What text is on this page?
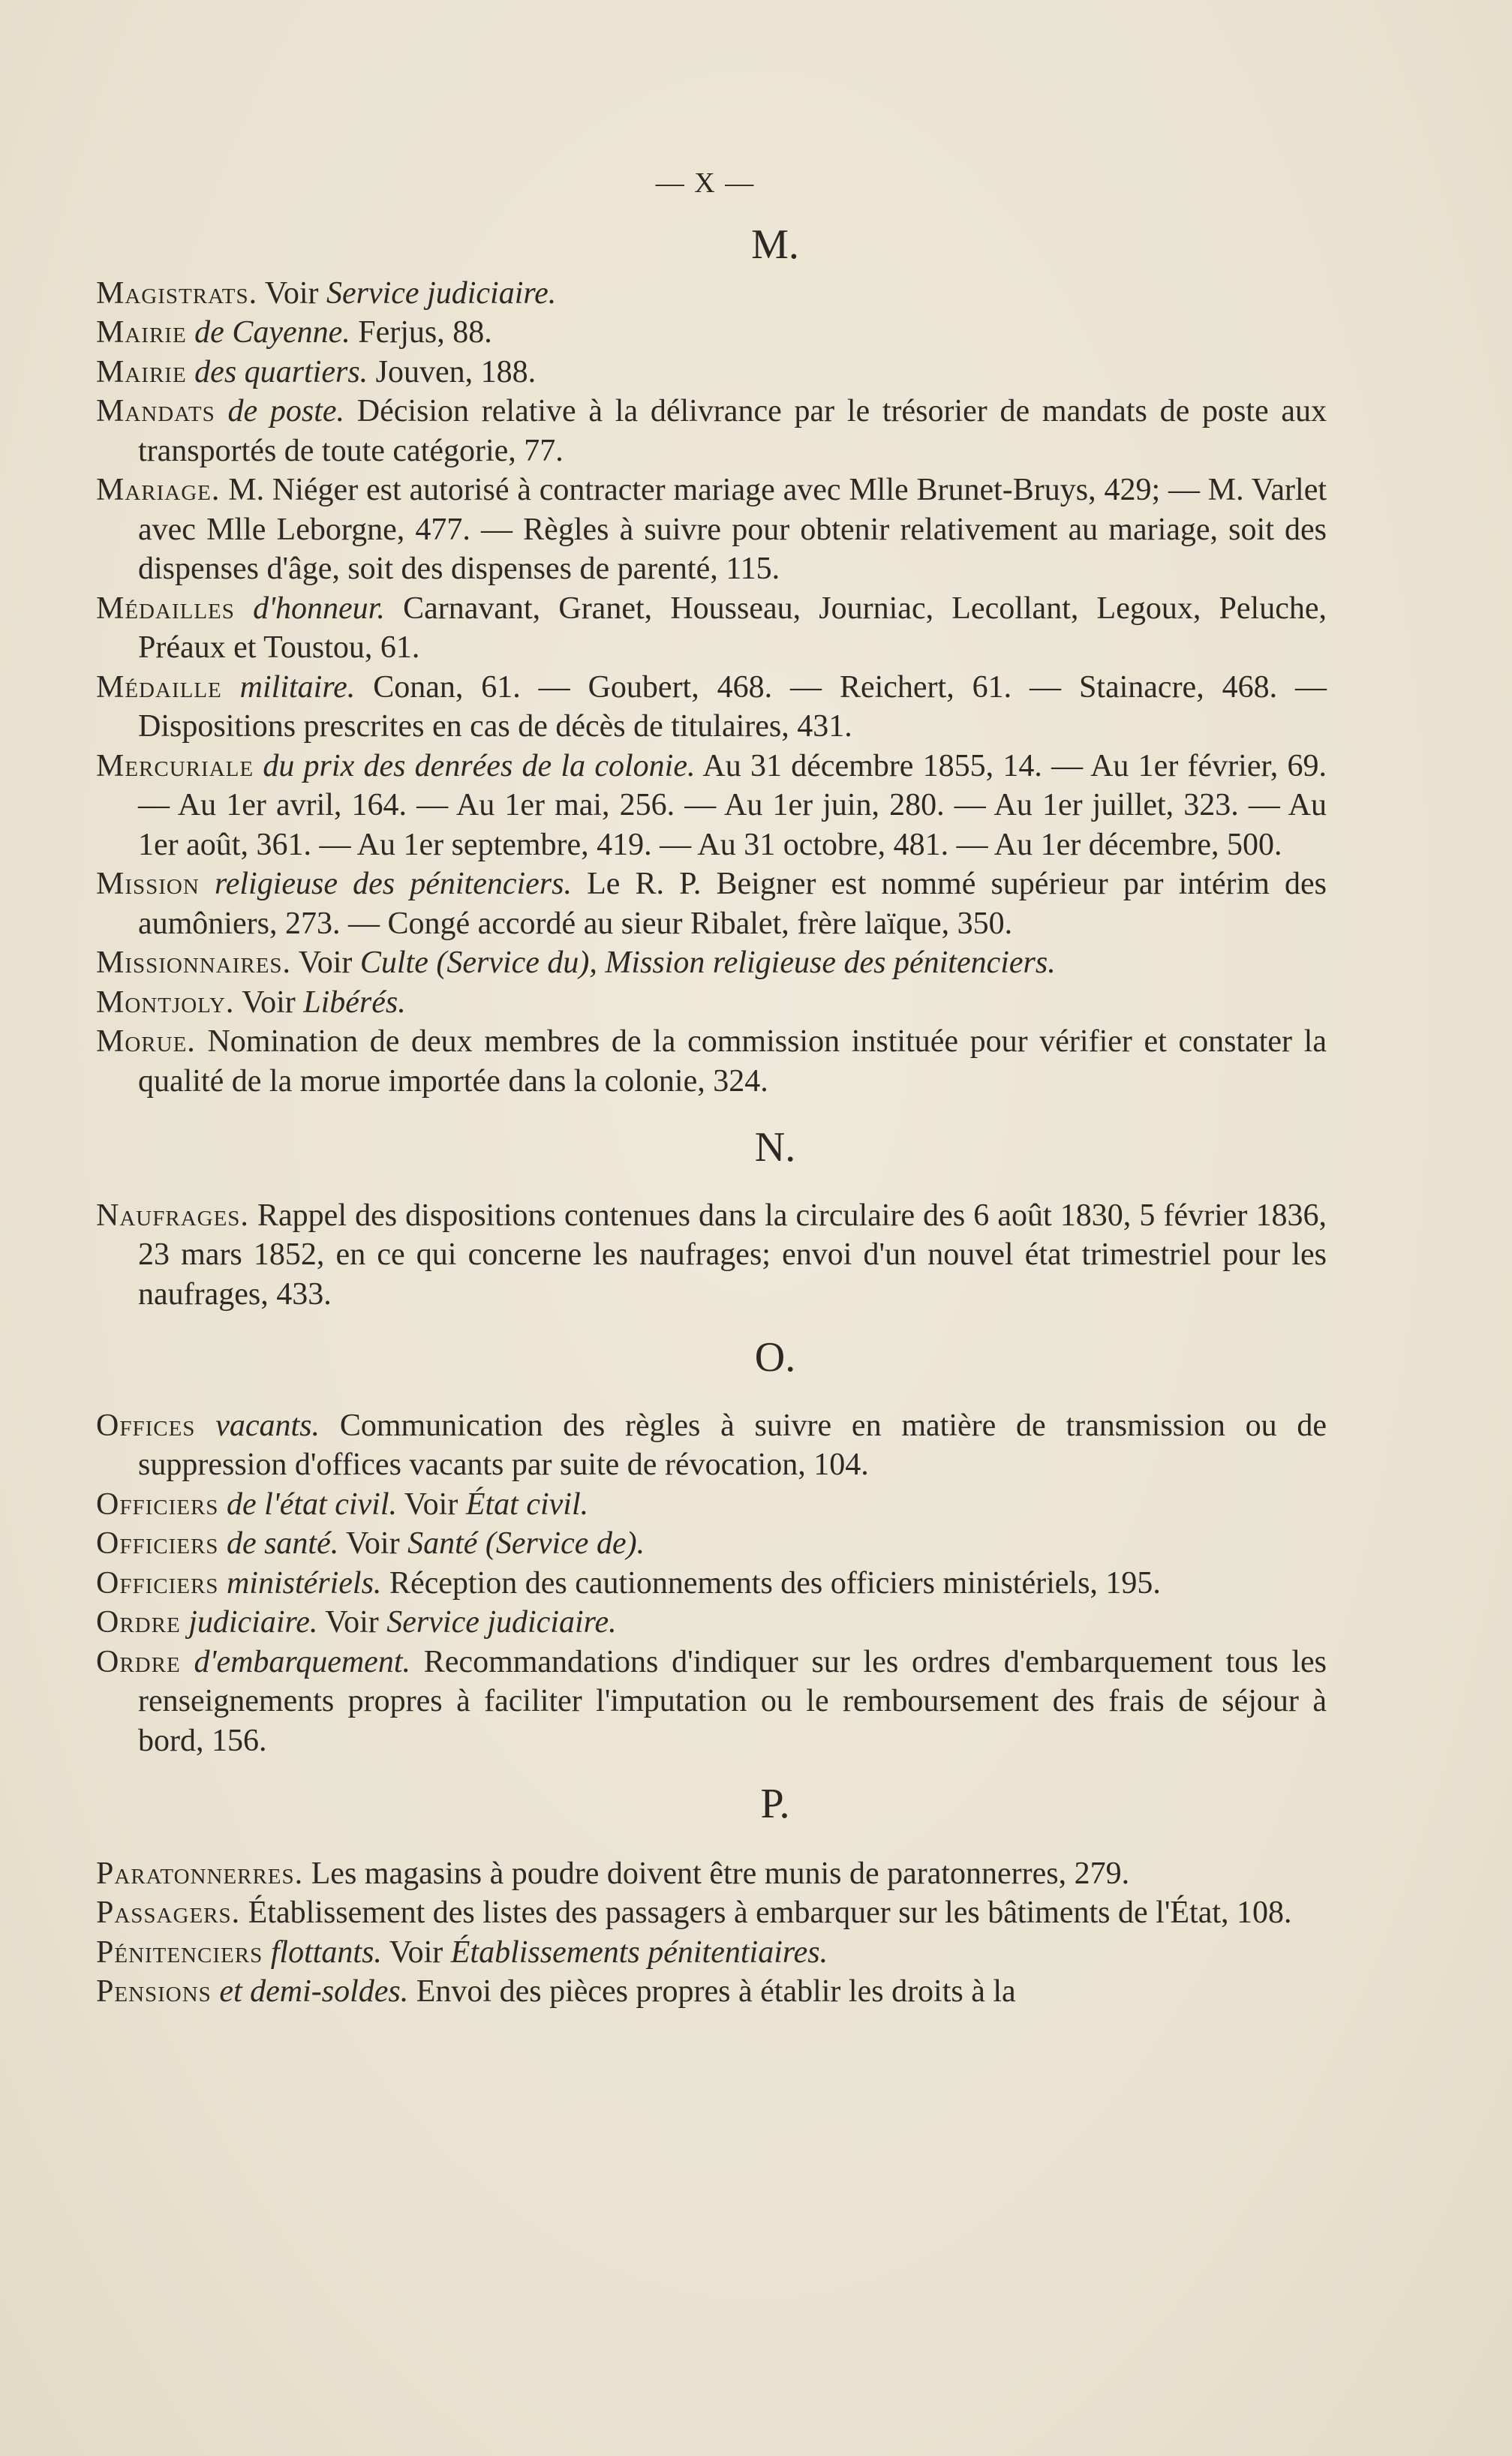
— X —
M.

Magistrats. Voir Service judiciaire.

Mairie de Cayenne. Ferjus, 88.

Mairie des quartiers. Jouven, 188.

Mandats de poste. Décision relative à la délivrance par le trésorier de mandats de poste aux transportés de toute catégorie, 77.

Mariage. M. Niéger est autorisé à contracter mariage avec Mlle Brunet-Bruys, 429; — M. Varlet avec Mlle Leborgne, 477. — Règles à suivre pour obtenir relativement au mariage, soit des dispenses d'âge, soit des dispenses de parenté, 115.

Médailles d'honneur. Carnavant, Granet, Housseau, Journiac, Lecollant, Legoux, Peluche, Préaux et Toustou, 61.

Médaille militaire. Conan, 61. — Goubert, 468. — Reichert, 61. — Stainacre, 468. — Dispositions prescrites en cas de décès de titulaires, 431.

Mercuriale du prix des denrées de la colonie. Au 31 décembre 1855, 14. — Au 1er février, 69. — Au 1er avril, 164. — Au 1er mai, 256. — Au 1er juin, 280. — Au 1er juillet, 323. — Au 1er août, 361. — Au 1er septembre, 419. — Au 31 octobre, 481. — Au 1er décembre, 500.

Mission religieuse des pénitenciers. Le R. P. Beigner est nommé supérieur par intérim des aumôniers, 273. — Congé accordé au sieur Ribalet, frère laïque, 350.

Missionnaires. Voir Culte (Service du), Mission religieuse des pénitenciers.

Montjoly. Voir Libérés.

Morue. Nomination de deux membres de la commission instituée pour vérifier et constater la qualité de la morue importée dans la colonie, 324.

N.

Naufrages. Rappel des dispositions contenues dans la circulaire des 6 août 1830, 5 février 1836, 23 mars 1852, en ce qui concerne les naufrages; envoi d'un nouvel état trimestriel pour les naufrages, 433.

O.

Offices vacants. Communication des règles à suivre en matière de transmission ou de suppression d'offices vacants par suite de révocation, 104.

Officiers de l'état civil. Voir État civil.

Officiers de santé. Voir Santé (Service de).

Officiers ministériels. Réception des cautionnements des officiers ministériels, 195.

Ordre judiciaire. Voir Service judiciaire.

Ordre d'embarquement. Recommandations d'indiquer sur les ordres d'embarquement tous les renseignements propres à faciliter l'imputation ou le remboursement des frais de séjour à bord, 156.

P.

Paratonnerres. Les magasins à poudre doivent être munis de paratonnerres, 279.

Passagers. Établissement des listes des passagers à embarquer sur les bâtiments de l'État, 108.

Pénitenciers flottants. Voir Établissements pénitentiaires.

Pensions et demi-soldes. Envoi des pièces propres à établir les droits à la
